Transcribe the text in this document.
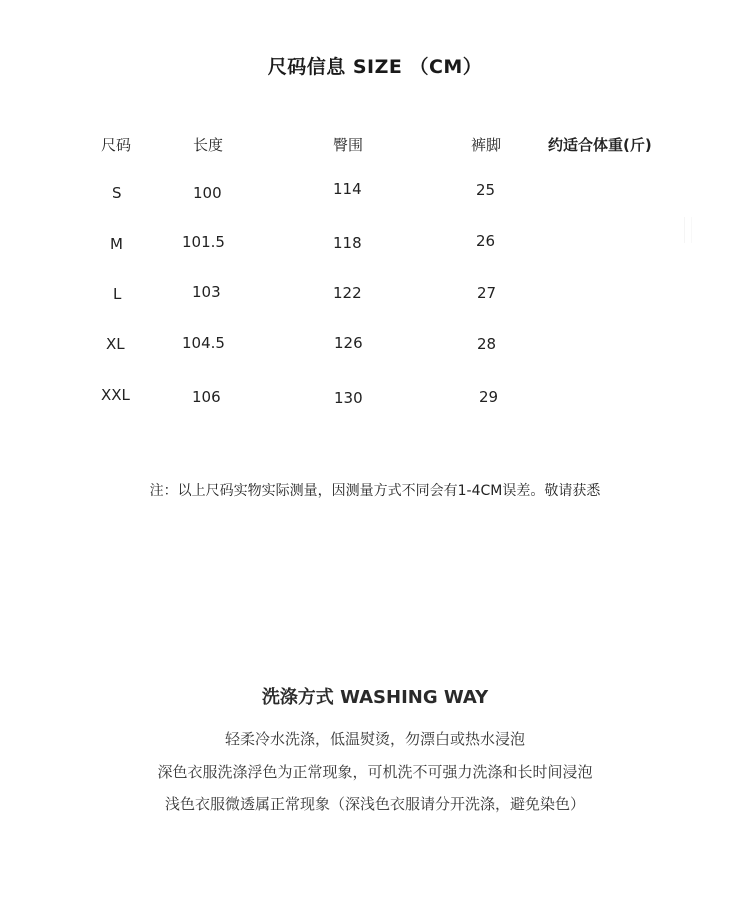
尺码信息 SIZE （CM）
尺码	长度	臀围	裤脚	约适合体重(斤)
S	100	114	25
M	101.5	118	26
L	103	122	27
XL	104.5	126	28
XXL	106	130	29
注：以上尺码实物实际测量，因测量方式不同会有1-4CM误差。敬请获悉
洗涤方式 WASHING WAY
轻柔冷水洗涤，低温熨烫，勿漂白或热水浸泡
深色衣服洗涤浮色为正常现象，可机洗不可强力洗涤和长时间浸泡
浅色衣服微透属正常现象（深浅色衣服请分开洗涤，避免染色）
